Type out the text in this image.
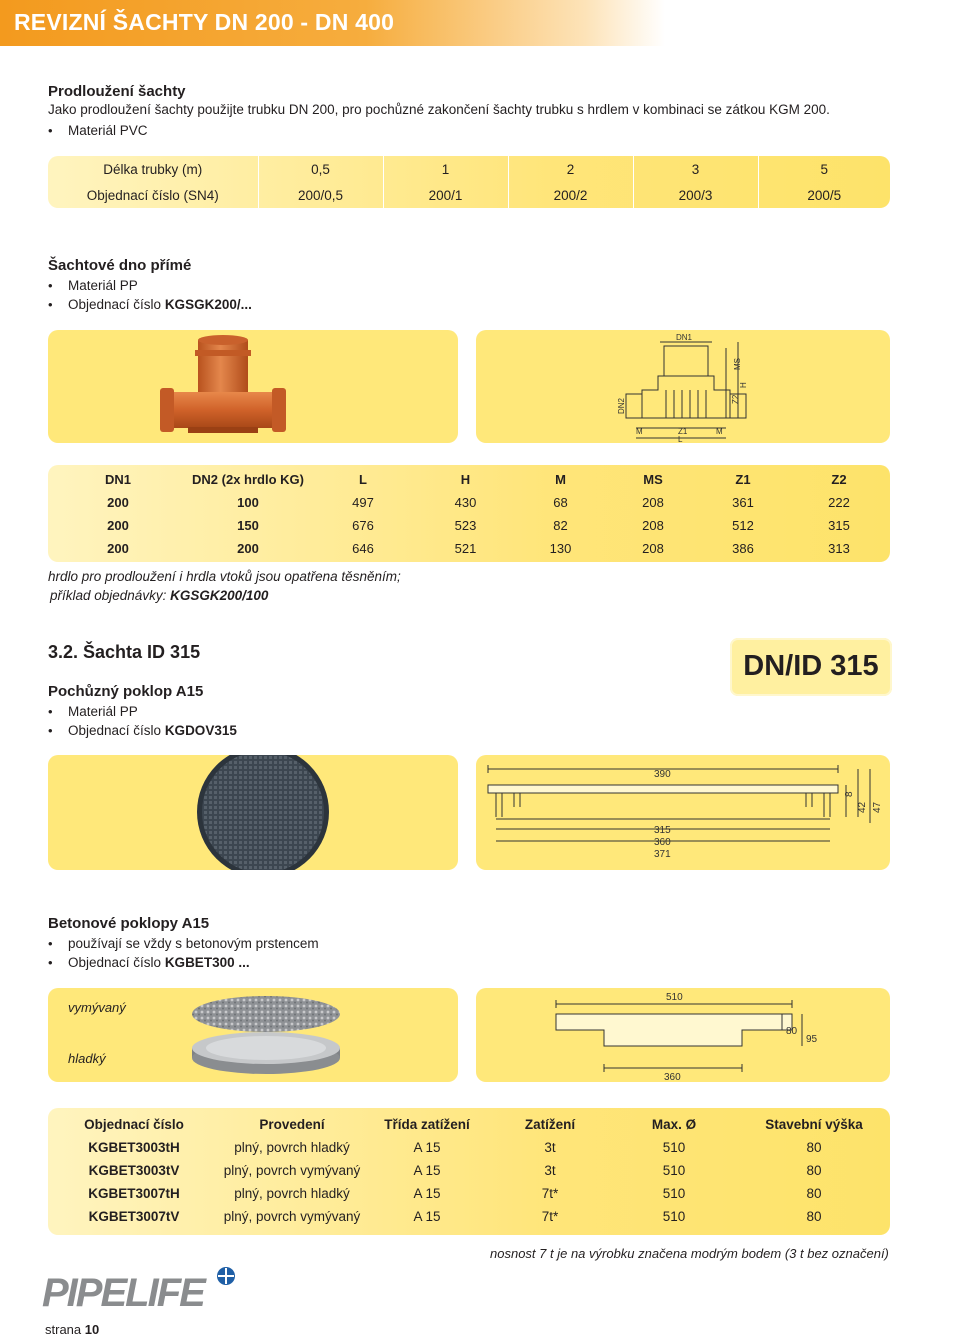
REVIZNÍ ŠACHTY DN 200 - DN 400
Prodloužení šachty
Jako prodloužení šachty použijte trubku DN 200, pro pochůzné zakončení šachty trubku s hrdlem v kombinaci se zátkou KGM 200.
• Materiál PVC
Délka trubky (m)	0,5	1	2	3	5
Objednací číslo (SN4)	200/0,5	200/1	200/2	200/3	200/5
Šachtové dno přímé
• Materiál PP
• Objednací číslo KGSGK200/...
DN1
MS
H
DN2	Z2
M	Z1	M
L
DN1	DN2 (2x hrdlo KG)	L	H	M	MS	Z1	Z2
200	100	497	430	68	208	361	222
200	150	676	523	82	208	512	315
200	200	646	521	130	208	386	313
hrdlo pro prodloužení i hrdla vtoků jsou opatřena těsněním;
příklad objednávky: KGSGK200/100
3.2. Šachta ID 315	DN/ID 315
Pochůzný poklop A15
• Materiál PP
• Objednací číslo KGDOV315
390
8
42 47
315
360
371
Betonové poklopy A15
• používají se vždy s betonovým prstencem
• Objednací číslo KGBET300 ...
vymývaný
hladký
510
80
95
360
Objednací číslo	Provedení	Třída zatížení	Zatížení	Max. Ø	Stavební výška
KGBET3003tH	plný, povrch hladký	A 15	3t	510	80
KGBET3003tV	plný, povrch vymývaný	A 15	3t	510	80
KGBET3007tH	plný, povrch hladký	A 15	7t*	510	80
KGBET3007tV	plný, povrch vymývaný	A 15	7t*	510	80
nosnost 7 t je na výrobku značena modrým bodem (3 t bez označení)
PIPELIFE
strana 10
